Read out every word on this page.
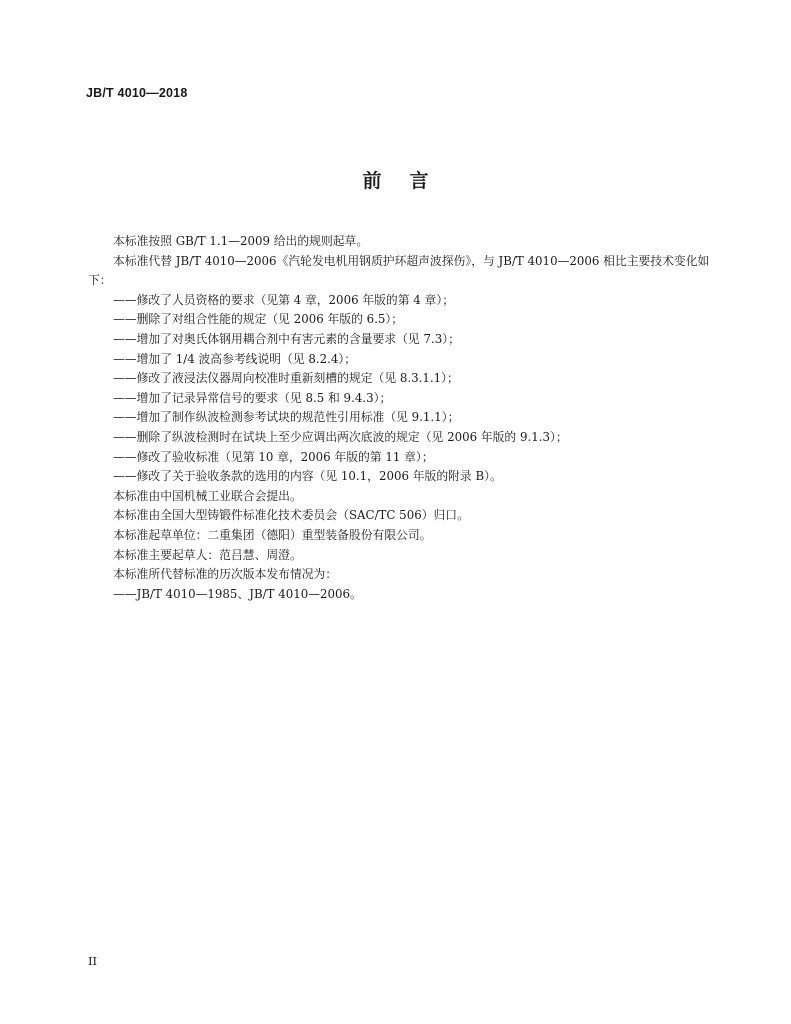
JB/T 4010—2018
前言

本标准按照 GB/T 1.1—2009 给出的规则起草。

本标准代替 JB/T 4010—2006《汽轮发电机用钢质护环超声波探伤》，与 JB/T 4010—2006 相比主要技术变化如下：

——修改了人员资格的要求（见第 4 章，2006 年版的第 4 章）；

——删除了对组合性能的规定（见 2006 年版的 6.5）；

——增加了对奥氏体钢用耦合剂中有害元素的含量要求（见 7.3）；

——增加了 1/4 波高参考线说明（见 8.2.4）；

——修改了液浸法仪器周向校准时重新刻槽的规定（见 8.3.1.1）；

——增加了记录异常信号的要求（见 8.5 和 9.4.3）；

——增加了制作纵波检测参考试块的规范性引用标准（见 9.1.1）；

——删除了纵波检测时在试块上至少应调出两次底波的规定（见 2006 年版的 9.1.3）；

——修改了验收标准（见第 10 章，2006 年版的第 11 章）；

——修改了关于验收条款的选用的内容（见 10.1，2006 年版的附录 B）。

本标准由中国机械工业联合会提出。

本标准由全国大型铸锻件标准化技术委员会（SAC/TC 506）归口。

本标准起草单位：二重集团（德阳）重型装备股份有限公司。

本标准主要起草人：范吕慧、周澄。

本标准所代替标准的历次版本发布情况为：

——JB/T 4010—1985、JB/T 4010—2006。

II
